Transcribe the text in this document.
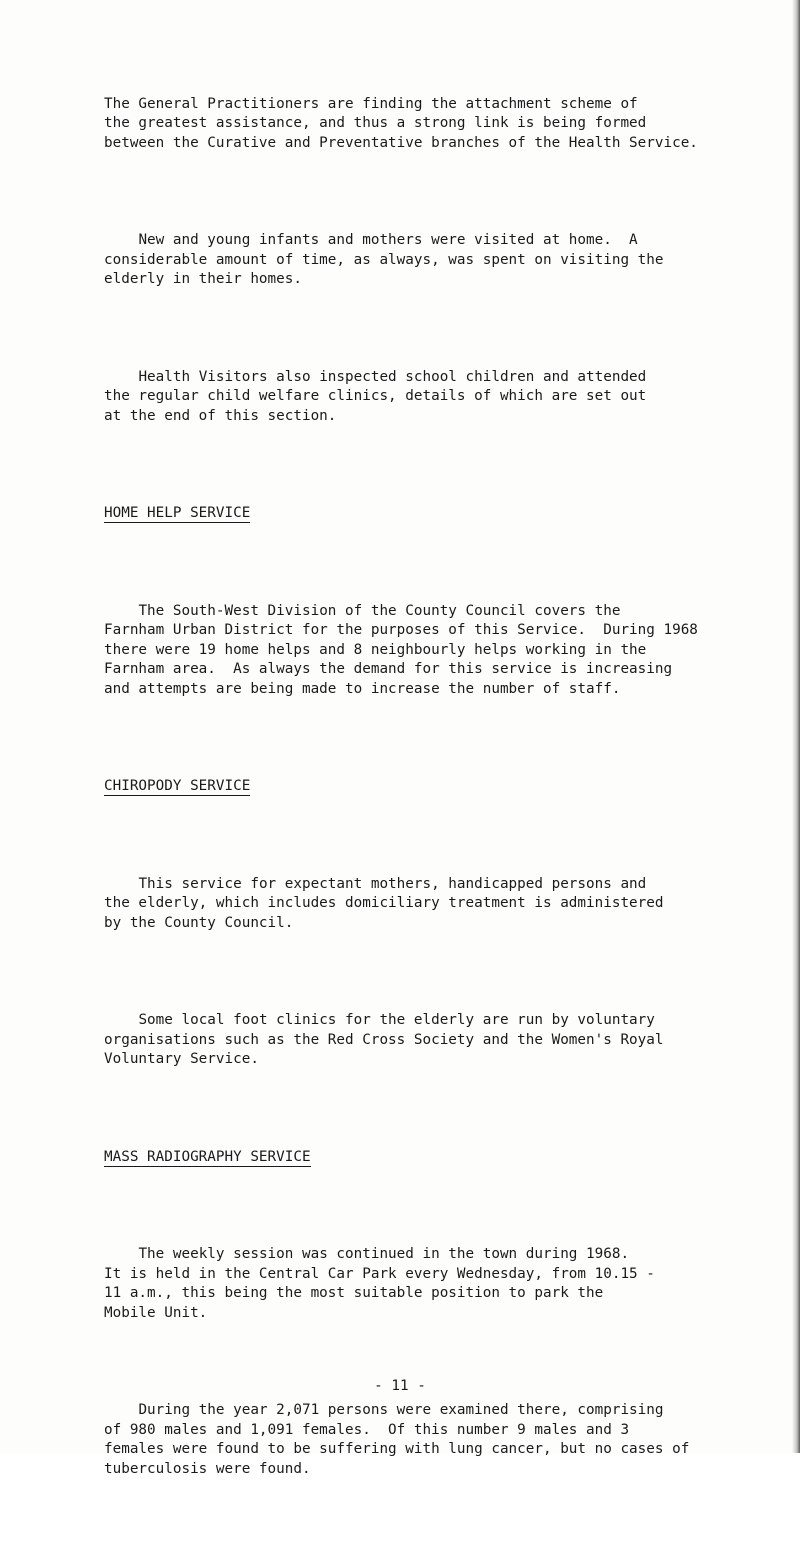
The General Practitioners are finding the attachment scheme of
the greatest assistance, and thus a strong link is being formed
between the Curative and Preventative branches of the Health Service.

New and young infants and mothers were visited at home.  A
considerable amount of time, as always, was spent on visiting the
elderly in their homes.

Health Visitors also inspected school children and attended
the regular child welfare clinics, details of which are set out
at the end of this section.

HOME HELP SERVICE

The South-West Division of the County Council covers the
Farnham Urban District for the purposes of this Service.  During 1968
there were 19 home helps and 8 neighbourly helps working in the
Farnham area.  As always the demand for this service is increasing
and attempts are being made to increase the number of staff.

CHIROPODY SERVICE

This service for expectant mothers, handicapped persons and
the elderly, which includes domiciliary treatment is administered
by the County Council.

Some local foot clinics for the elderly are run by voluntary
organisations such as the Red Cross Society and the Women's Royal
Voluntary Service.

MASS RADIOGRAPHY SERVICE

The weekly session was continued in the town during 1968.
It is held in the Central Car Park every Wednesday, from 10.15 -
11 a.m., this being the most suitable position to park the
Mobile Unit.

During the year 2,071 persons were examined there, comprising
of 980 males and 1,091 females.  Of this number 9 males and 3
females were found to be suffering with lung cancer, but no cases of
tuberculosis were found.

- 11 -
